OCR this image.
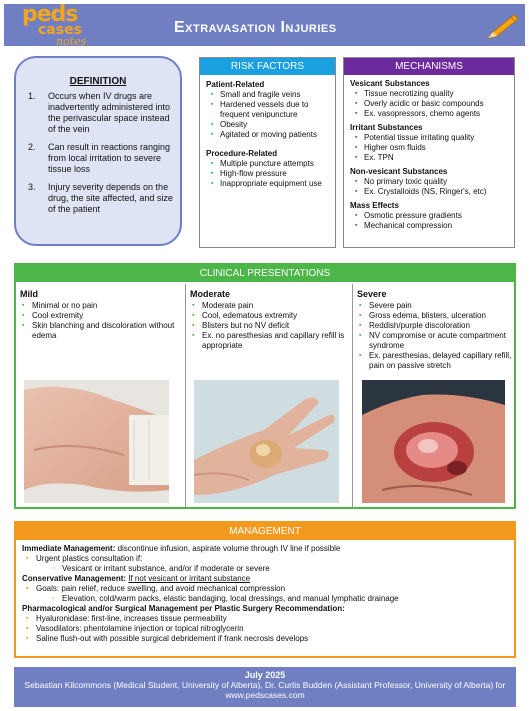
Extravasation Injuries
peds
cases
notes
DEFINITION
1.	Occurs when IV drugs are inadvertently administered into the perivascular space instead of the vein
2.	Can result in reactions ranging from local irritation to severe tissue loss
3.	Injury severity depends on the drug, the site affected, and size of the patient
RISK FACTORS
Patient-Related
▪ Small and fragile veins
▪ Hardened vessels due to frequent venipuncture
▪ Obesity
▪ Agitated or moving patients
Procedure-Related
▪ Multiple puncture attempts
▪ High-flow pressure
▪ Inappropriate equipment use
MECHANISMS
Vesicant Substances
▪ Tissue necrotizing quality
▪ Overly acidic or basic compounds
▪ Ex. vasopressors, chemo agents
Irritant Substances
▪ Potential tissue irritating quality
▪ Higher osm fluids
▪ Ex. TPN
Non-vesicant Substances
▪ No primary toxic quality
▪ Ex. Crystalloids (NS, Ringer's, etc)
Mass Effects
▪ Osmotic pressure gradients
▪ Mechanical compression
CLINICAL PRESENTATIONS
Mild
▪ Minimal or no pain
▪ Cool extremity
▪ Skin blanching and discoloration without edema
Moderate
▪ Moderate pain
▪ Cool, edematous extremity
▪ Blisters but no NV deficit
▪ Ex. no paresthesias and capillary refill is appropriate
Severe
▪ Severe pain
▪ Gross edema, blisters, ulceration
▪ Reddish/purple discoloration
▪ NV compromise or acute compartment syndrome
▪ Ex. paresthesias, delayed capillary refill, pain on passive stretch
MANAGEMENT
Immediate Management: discontinue infusion, aspirate volume through IV line if possible
▪ Urgent plastics consultation if:
▫ Vesicant or irritant substance, and/or if moderate or severe
Conservative Management: If not vesicant or irritant substance
▪ Goals: pain relief, reduce swelling, and avoid mechanical compression
▫ Elevation, cold/warm packs, elastic bandaging, local dressings, and manual lymphatic drainage
Pharmacological and/or Surgical Management per Plastic Surgery Recommendation:
▪ Hyaluronidase: first-line, increases tissue permeability
▪ Vasodilators: phentolamine injection or topical nitroglycerin
▪ Saline flush-out with possible surgical debridement if frank necrosis develops
July 2025
Sebastian Kilcommons (Medical Student, University of Alberta), Dr. Curtis Budden (Assistant Professor, University of Alberta) for www.pedscases.com
